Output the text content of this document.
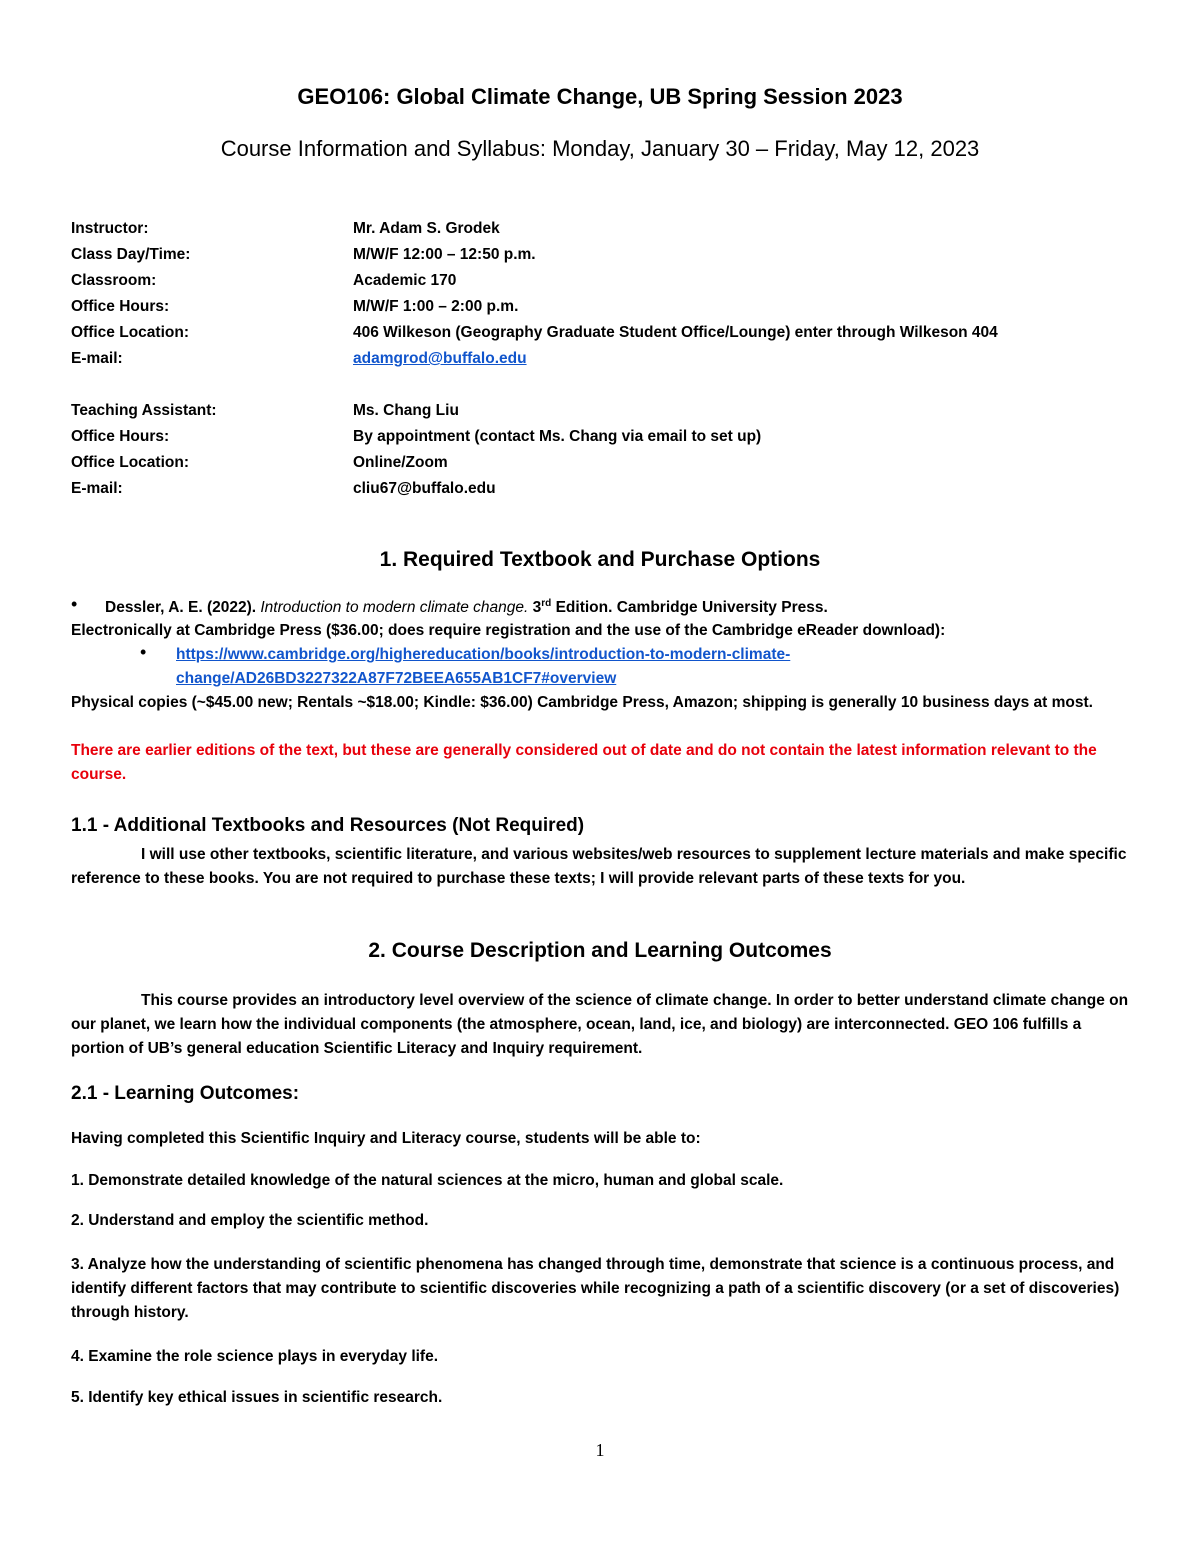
GEO106: Global Climate Change, UB Spring Session 2023
Course Information and Syllabus: Monday, January 30 – Friday, May 12, 2023
Instructor:	Mr. Adam S. Grodek
Class Day/Time:	M/W/F 12:00 – 12:50 p.m.
Classroom:	Academic 170
Office Hours:	M/W/F 1:00 – 2:00 p.m.
Office Location:	406 Wilkeson (Geography Graduate Student Office/Lounge) enter through Wilkeson 404
E-mail:	adamgrod@buffalo.edu
Teaching Assistant:	Ms. Chang Liu
Office Hours:	By appointment (contact Ms. Chang via email to set up)
Office Location:	Online/Zoom
E-mail:	cliu67@buffalo.edu
1. Required Textbook and Purchase Options
• Dessler, A. E. (2022). Introduction to modern climate change. 3rd Edition. Cambridge University Press.
Electronically at Cambridge Press ($36.00; does require registration and the use of the Cambridge eReader download):
• https://www.cambridge.org/highereducation/books/introduction-to-modern-climate-
change/AD26BD3227322A87F72BEEA655AB1CF7#overview
Physical copies (~$45.00 new; Rentals ~$18.00; Kindle: $36.00) Cambridge Press, Amazon; shipping is generally 10 business days at most.
There are earlier editions of the text, but these are generally considered out of date and do not contain the latest information relevant to the course.
1.1 - Additional Textbooks and Resources (Not Required)
I will use other textbooks, scientific literature, and various websites/web resources to supplement lecture materials and make specific reference to these books. You are not required to purchase these texts; I will provide relevant parts of these texts for you.
2. Course Description and Learning Outcomes
This course provides an introductory level overview of the science of climate change. In order to better understand climate change on our planet, we learn how the individual components (the atmosphere, ocean, land, ice, and biology) are interconnected. GEO 106 fulfills a portion of UB’s general education Scientific Literacy and Inquiry requirement.
2.1 - Learning Outcomes:
Having completed this Scientific Inquiry and Literacy course, students will be able to:
1. Demonstrate detailed knowledge of the natural sciences at the micro, human and global scale.
2. Understand and employ the scientific method.
3. Analyze how the understanding of scientific phenomena has changed through time, demonstrate that science is a continuous process, and identify different factors that may contribute to scientific discoveries while recognizing a path of a scientific discovery (or a set of discoveries) through history.
4. Examine the role science plays in everyday life.
5. Identify key ethical issues in scientific research.
1
